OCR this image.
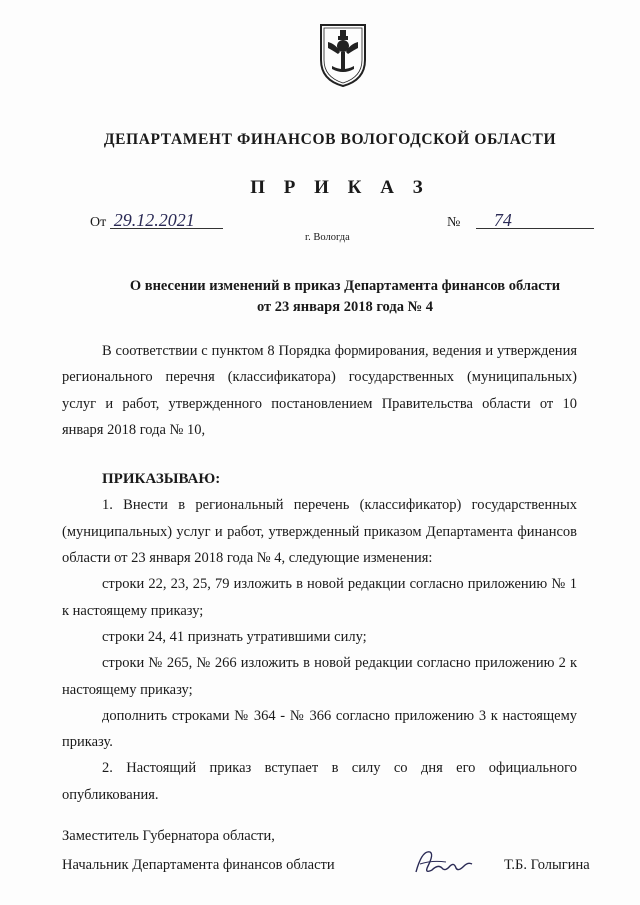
ДЕПАРТАМЕНТ ФИНАНСОВ ВОЛОГОДСКОЙ ОБЛАСТИ
П Р И К А З
От 29.12.2021	№ 74
г. Вологда
О внесении изменений в приказ Департамента финансов области
от 23 января 2018 года № 4

В соответствии с пунктом 8 Порядка формирования, ведения и утверждения регионального перечня (классификатора) государственных (муниципальных) услуг и работ, утвержденного постановлением Правительства области от 10 января 2018 года № 10,

ПРИКАЗЫВАЮ:

1. Внести в региональный перечень (классификатор) государственных (муниципальных) услуг и работ, утвержденный приказом Департамента финансов области от 23 января 2018 года № 4, следующие изменения:

строки 22, 23, 25, 79 изложить в новой редакции согласно приложению № 1 к настоящему приказу;

строки 24, 41 признать утратившими силу;

строки № 265, № 266 изложить в новой редакции согласно приложению 2 к настоящему приказу;

дополнить строками № 364 - № 366 согласно приложению 3 к настоящему приказу.

2. Настоящий приказ вступает в силу со дня его официального опубликования.

Заместитель Губернатора области,
Начальник Департамента финансов области	Т.Б. Голыгина
